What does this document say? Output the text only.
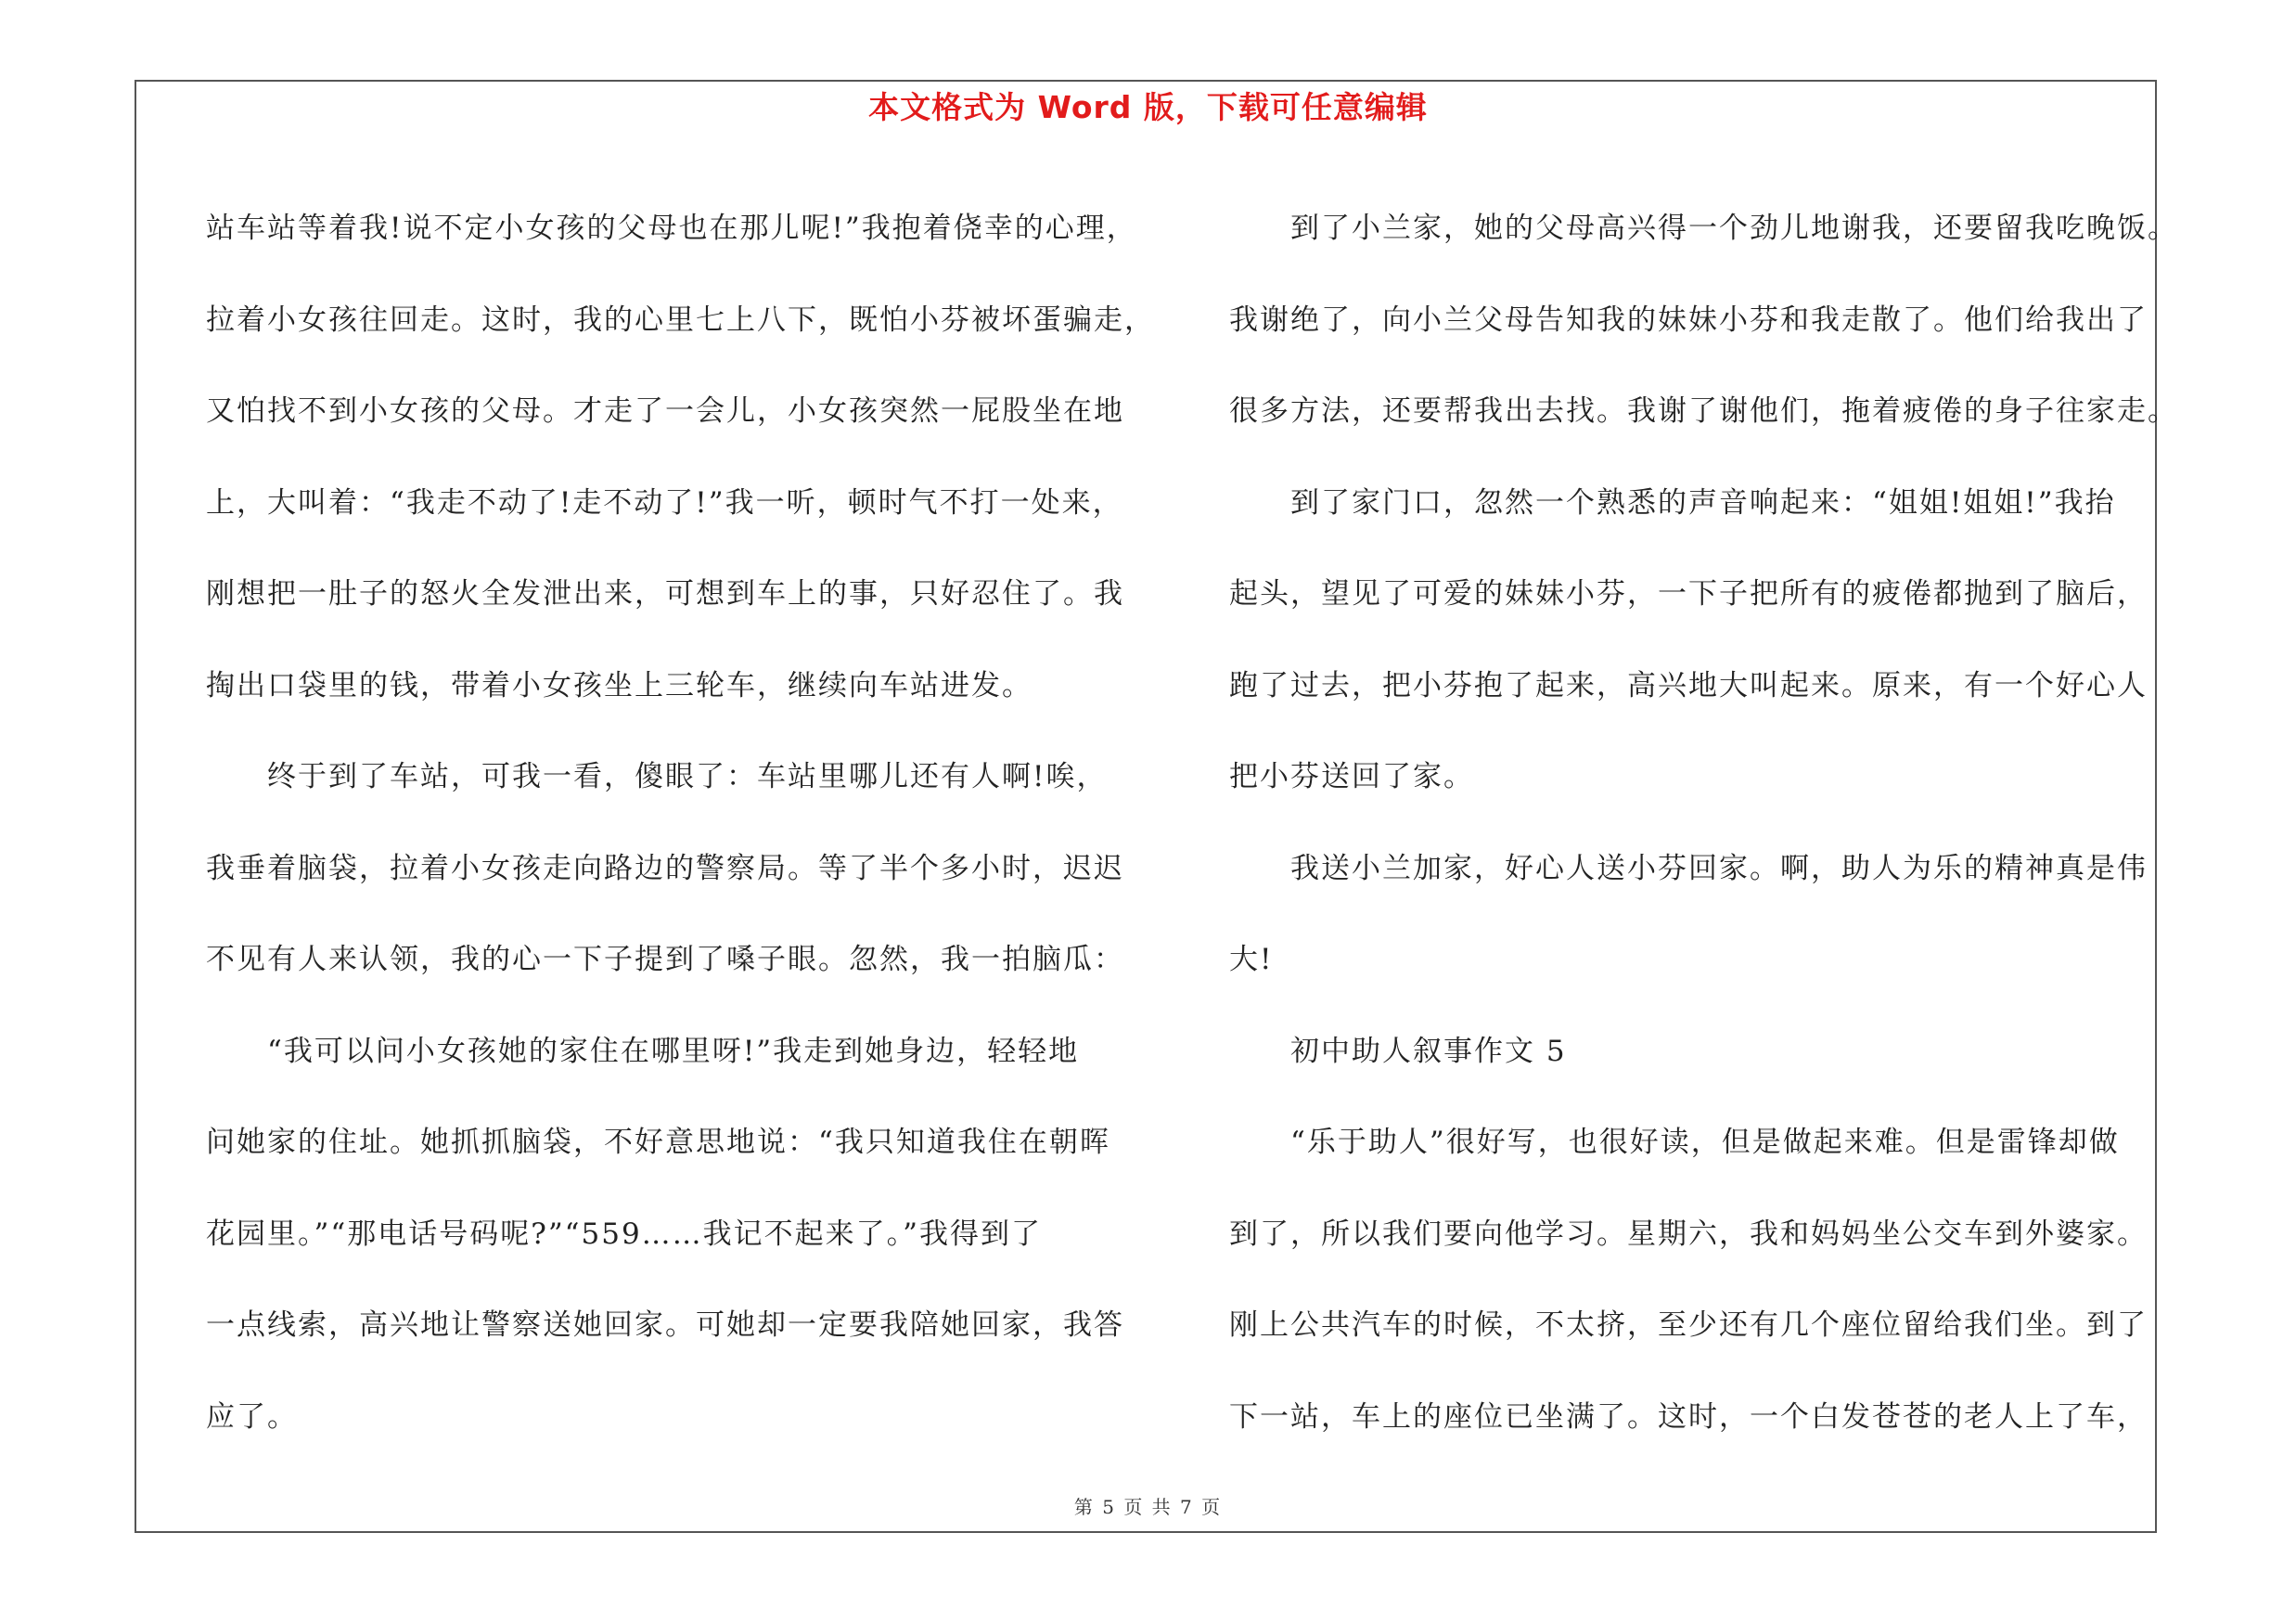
本文格式为 Word 版，下载可任意编辑
站车站等着我!说不定小女孩的父母也在那儿呢!”我抱着侥幸的心理，
拉着小女孩往回走。这时，我的心里七上八下，既怕小芬被坏蛋骗走，
又怕找不到小女孩的父母。才走了一会儿，小女孩突然一屁股坐在地
上，大叫着：“我走不动了!走不动了!”我一听，顿时气不打一处来，
刚想把一肚子的怒火全发泄出来，可想到车上的事，只好忍住了。我
掏出口袋里的钱，带着小女孩坐上三轮车，继续向车站进发。
终于到了车站，可我一看，傻眼了：车站里哪儿还有人啊!唉，
我垂着脑袋，拉着小女孩走向路边的警察局。等了半个多小时，迟迟
不见有人来认领，我的心一下子提到了嗓子眼。忽然，我一拍脑瓜：
“我可以问小女孩她的家住在哪里呀!”我走到她身边，轻轻地
问她家的住址。她抓抓脑袋，不好意思地说：“我只知道我住在朝晖
花园里。”“那电话号码呢?”“559……我记不起来了。”我得到了
一点线索，高兴地让警察送她回家。可她却一定要我陪她回家，我答
应了。
到了小兰家，她的父母高兴得一个劲儿地谢我，还要留我吃晚饭。
我谢绝了，向小兰父母告知我的妹妹小芬和我走散了。他们给我出了
很多方法，还要帮我出去找。我谢了谢他们，拖着疲倦的身子往家走。
到了家门口，忽然一个熟悉的声音响起来：“姐姐!姐姐!”我抬
起头，望见了可爱的妹妹小芬，一下子把所有的疲倦都抛到了脑后，
跑了过去，把小芬抱了起来，高兴地大叫起来。原来，有一个好心人
把小芬送回了家。
我送小兰加家，好心人送小芬回家。啊，助人为乐的精神真是伟
大!
初中助人叙事作文 5
“乐于助人”很好写，也很好读，但是做起来难。但是雷锋却做
到了，所以我们要向他学习。星期六，我和妈妈坐公交车到外婆家。
刚上公共汽车的时候，不太挤，至少还有几个座位留给我们坐。到了
下一站，车上的座位已坐满了。这时，一个白发苍苍的老人上了车，
第 5 页 共 7 页
